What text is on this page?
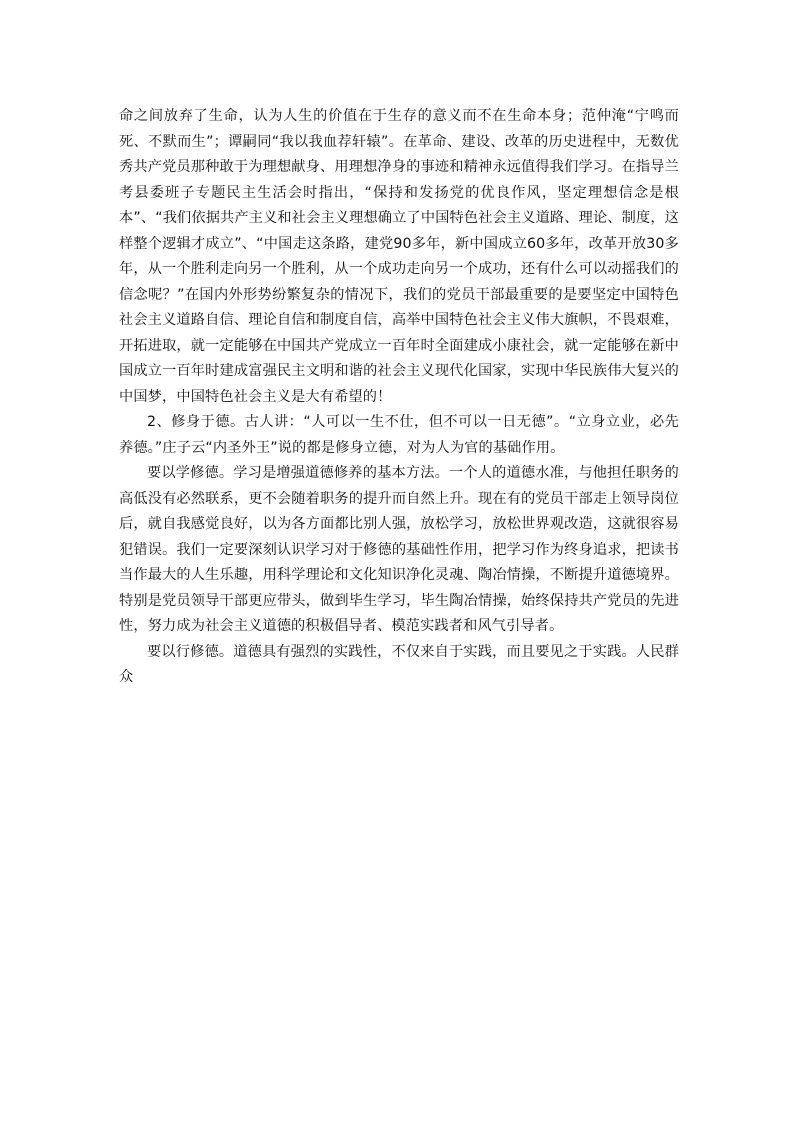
命之间放弃了生命，认为人生的价值在于生存的意义而不在生命本身；范仲淹“宁鸣而死、不默而生”；谭嗣同“我以我血荐轩辕”。在革命、建设、改革的历史进程中，无数优秀共产党员那种敢于为理想献身、用理想净身的事迹和精神永远值得我们学习。在指导兰考县委班子专题民主生活会时指出，“保持和发扬党的优良作风，坚定理想信念是根本”、“我们依据共产主义和社会主义理想确立了中国特色社会主义道路、理论、制度，这样整个逻辑才成立”、“中国走这条路，建党90多年，新中国成立60多年，改革开放30多年，从一个胜利走向另一个胜利，从一个成功走向另一个成功，还有什么可以动摇我们的信念呢？”在国内外形势纷繁复杂的情况下，我们的党员干部最重要的是要坚定中国特色社会主义道路自信、理论自信和制度自信，高举中国特色社会主义伟大旗帜，不畏艰难，开拓进取，就一定能够在中国共产党成立一百年时全面建成小康社会，就一定能够在新中国成立一百年时建成富强民主文明和谐的社会主义现代化国家，实现中华民族伟大复兴的中国梦，中国特色社会主义是大有希望的！

2、修身于德。古人讲：“人可以一生不仕，但不可以一日无德”。“立身立业，必先养德。”庄子云“内圣外王”说的都是修身立德，对为人为官的基础作用。

要以学修德。学习是增强道德修养的基本方法。一个人的道德水准，与他担任职务的高低没有必然联系，更不会随着职务的提升而自然上升。现在有的党员干部走上领导岗位后，就自我感觉良好，以为各方面都比别人强，放松学习，放松世界观改造，这就很容易犯错误。我们一定要深刻认识学习对于修德的基础性作用，把学习作为终身追求，把读书当作最大的人生乐趣，用科学理论和文化知识净化灵魂、陶冶情操，不断提升道德境界。特别是党员领导干部更应带头，做到毕生学习，毕生陶冶情操，始终保持共产党员的先进性，努力成为社会主义道德的积极倡导者、模范实践者和风气引导者。

要以行修德。道德具有强烈的实践性，不仅来自于实践，而且要见之于实践。人民群众
